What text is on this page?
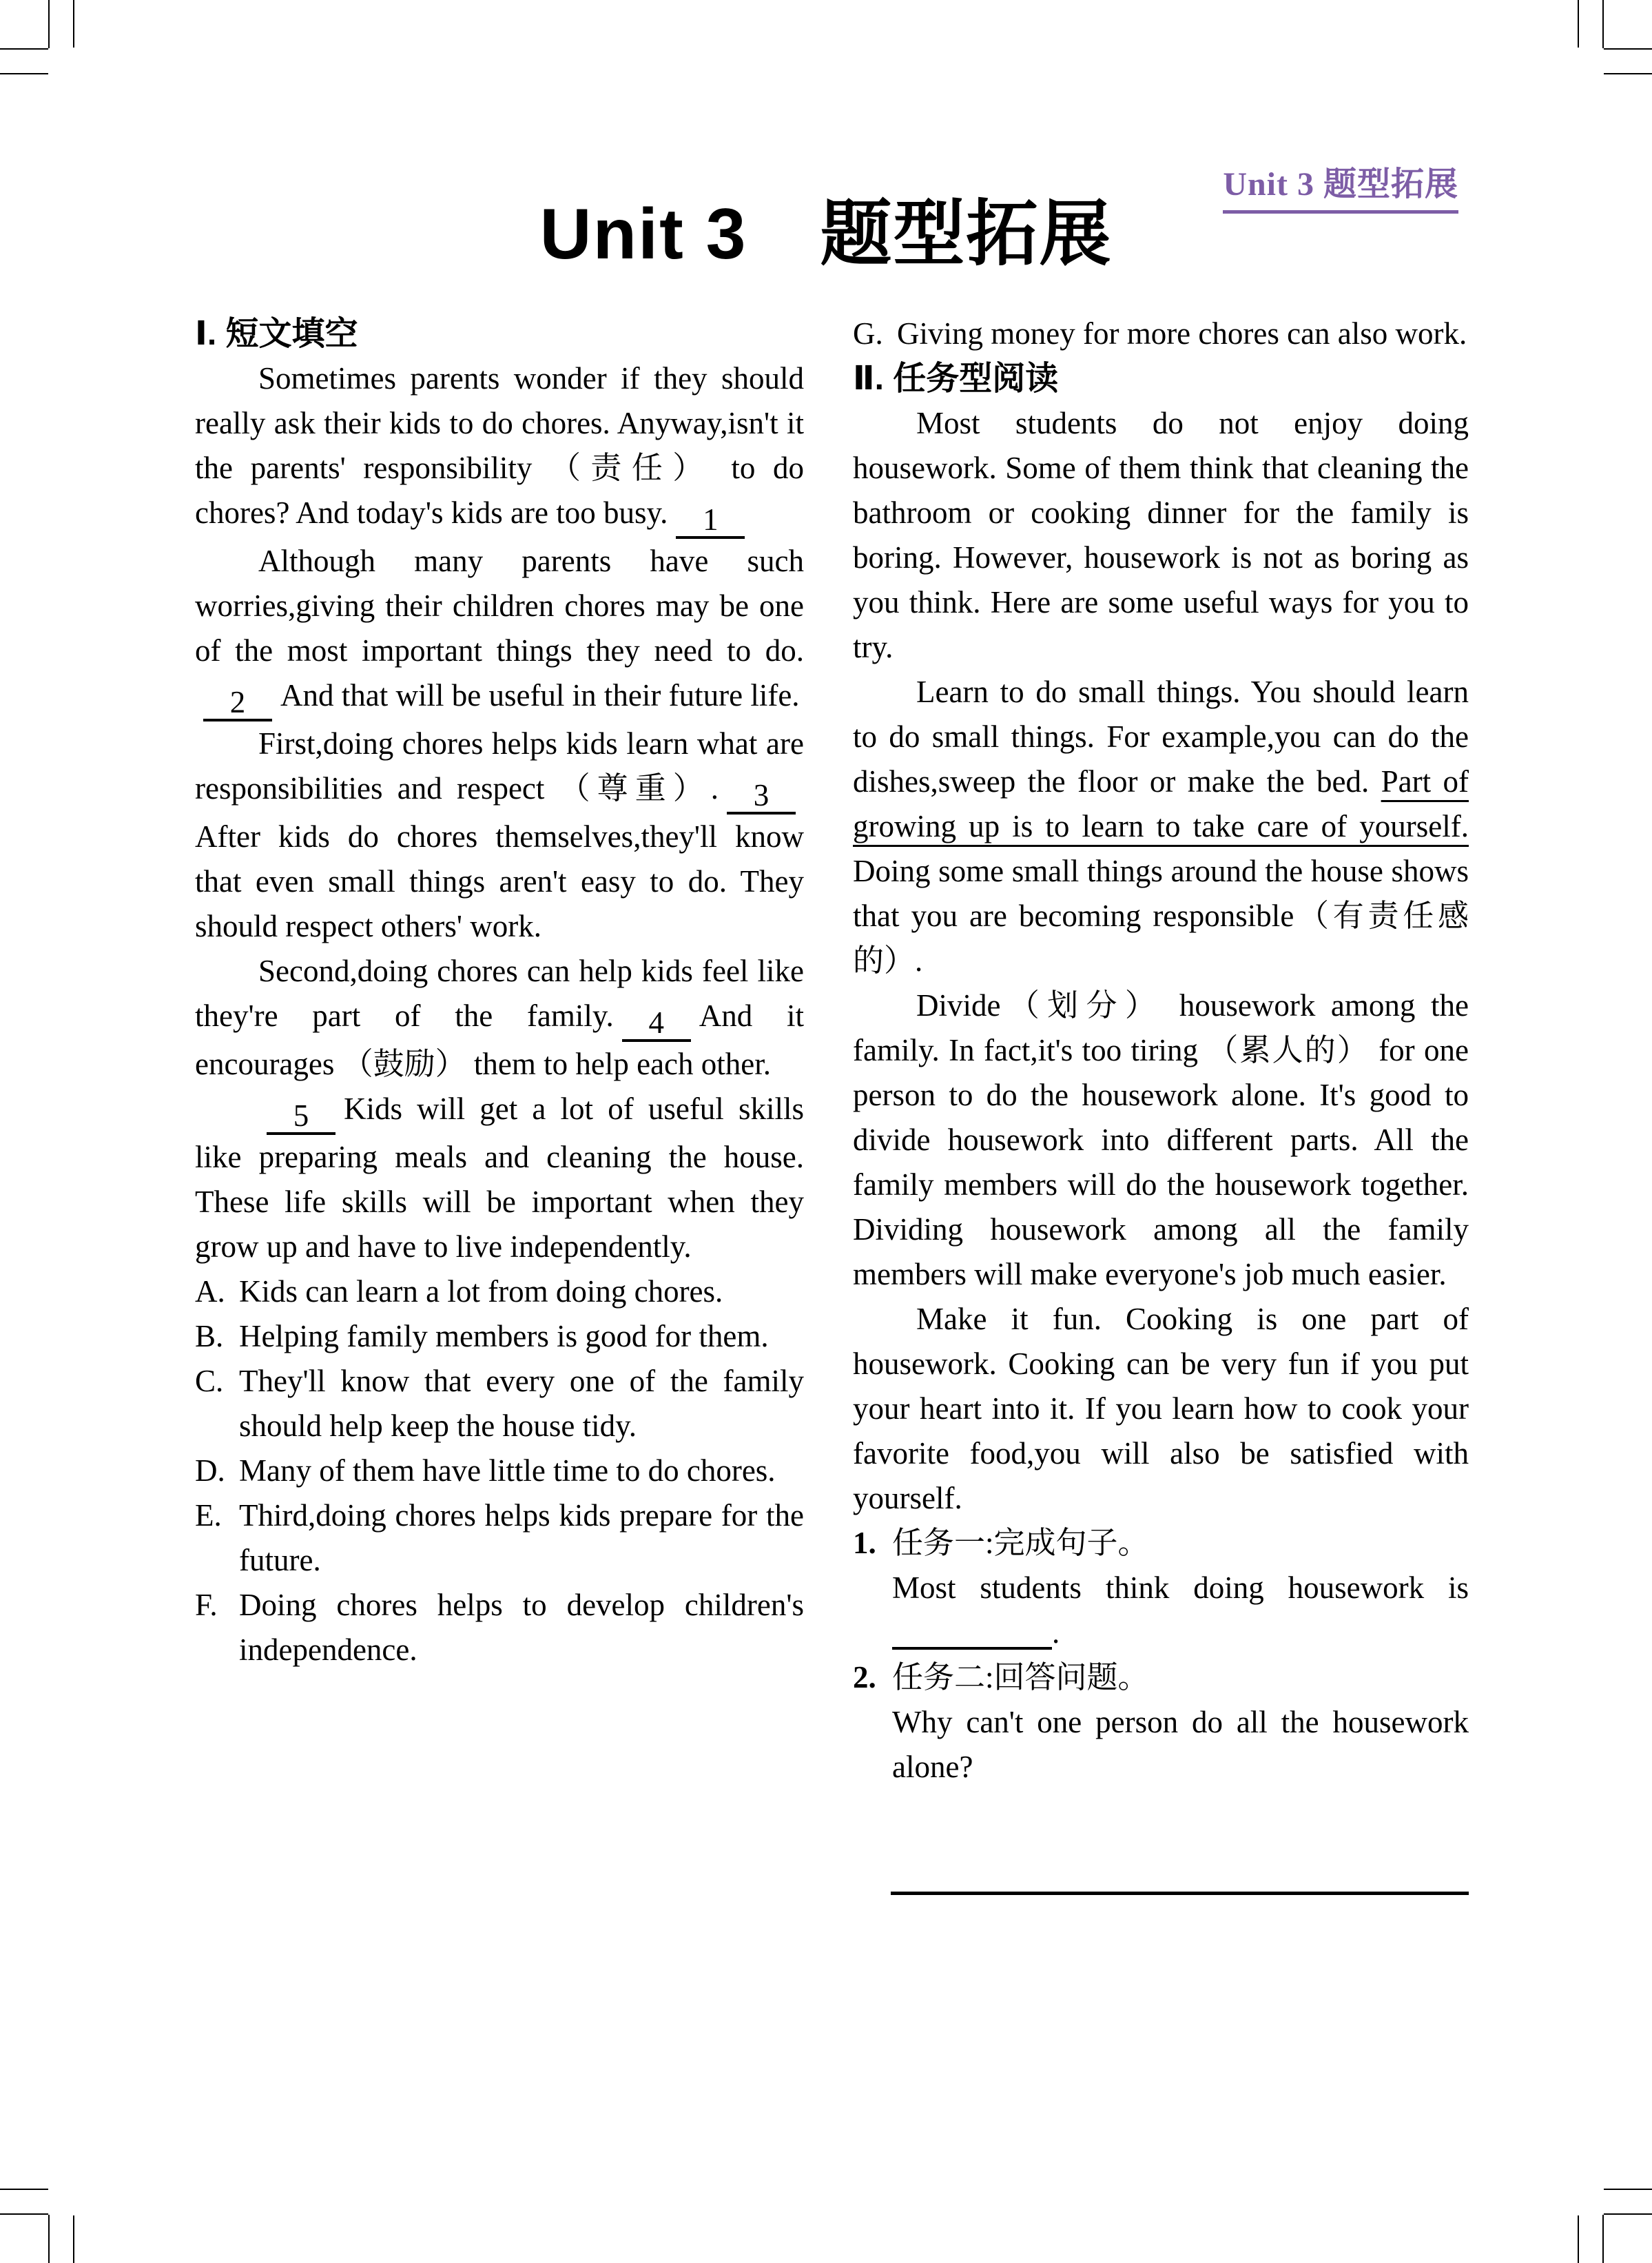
Unit 3 题型拓展
Unit 3　题型拓展
Ⅰ. 短文填空

Sometimes parents wonder if they should really ask their kids to do chores. Anyway,isn't it the parents' responsibility （责任） to do chores? And today's kids are too busy. 1

Although many parents have such worries,giving their children chores may be one of the most important things they need to do.2 And that will be useful in their future life.

First,doing chores helps kids learn what are responsibilities and respect （尊重）. 3After kids do chores themselves,they'll know that even small things aren't easy to do. They should respect others' work.

Second,doing chores can help kids feel like they're part of the family. 4 And it encourages （鼓励） them to help each other.

5 Kids will get a lot of useful skills like preparing meals and cleaning the house. These life skills will be important when they grow up and have to live independently.

A. Kids can learn a lot from doing chores.
B. Helping family members is good for them.
C. They'll know that every one of the family should help keep the house tidy.
D. Many of them have little time to do chores.
E. Third,doing chores helps kids prepare for the future.
F. Doing chores helps to develop children's independence.
G. Giving money for more chores can also work.
Ⅱ. 任务型阅读

Most students do not enjoy doing housework. Some of them think that cleaning the bathroom or cooking dinner for the family is boring. However, housework is not as boring as you think. Here are some useful ways for you to try.

Learn to do small things. You should learn to do small things. For example,you can do the dishes,sweep the floor or make the bed. Part of growing up is to learn to take care of yourself. Doing some small things around the house shows that you are becoming responsible（有责任感的）.

Divide（划分） housework among the family. In fact,it's too tiring （累人的） for one person to do the housework alone. It's good to divide housework into different parts. All the family members will do the housework together. Dividing housework among all the family members will make everyone's job much easier.

Make it fun. Cooking is one part of housework. Cooking can be very fun if you put your heart into it. If you learn how to cook your favorite food,you will also be satisfied with yourself.

1. 任务一:完成句子。

Most students think doing housework is.

2. 任务二:回答问题。

Why can't one person do all the housework alone?
